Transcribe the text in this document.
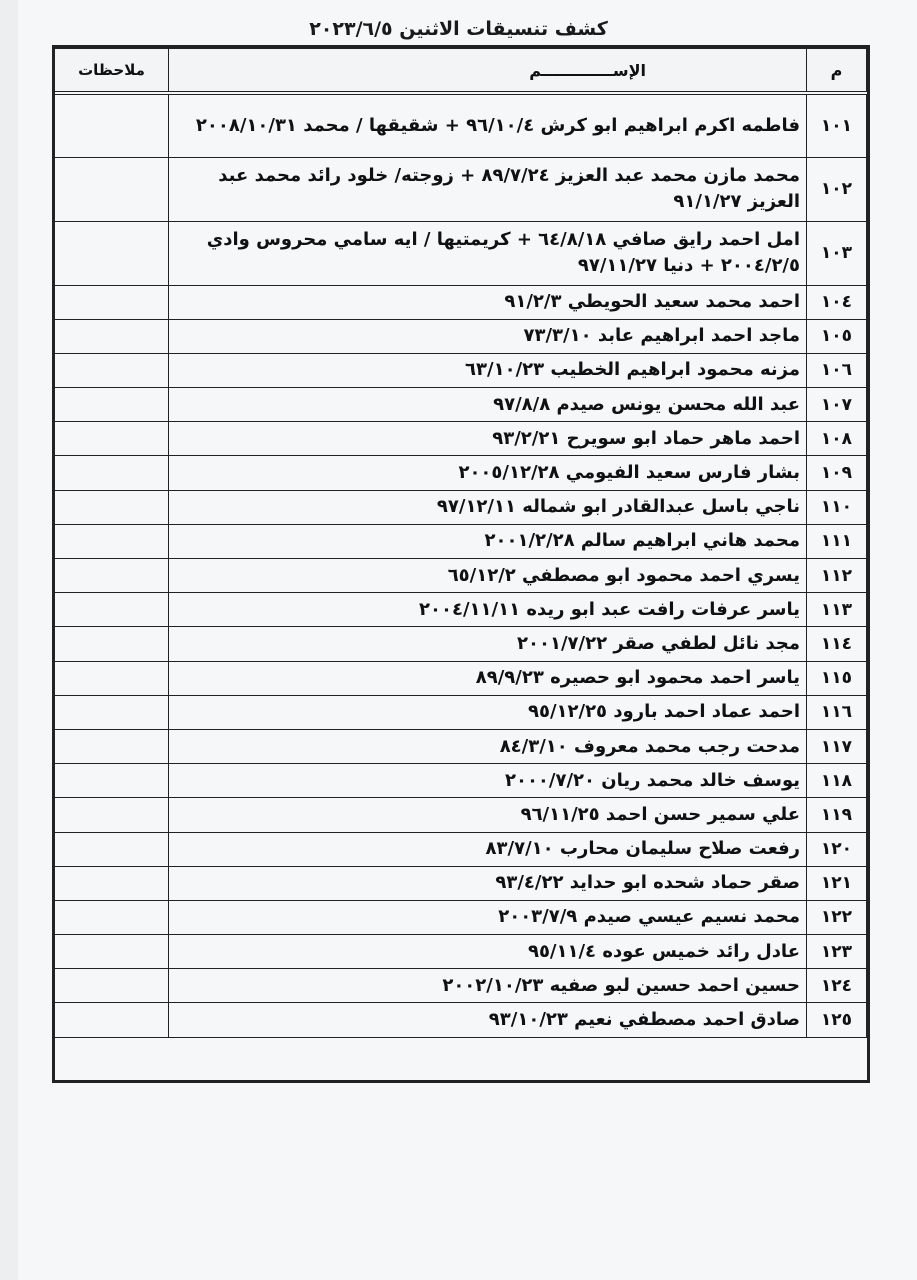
كشف تنسيقات الاثنين ٢٠٢٣/٦/٥
م	الإســـــــــــــم	ملاحظات
١٠١	فاطمه اكرم ابراهيم ابو كرش ٩٦/١٠/٤ + شقيقها / محمد ٢٠٠٨/١٠/٣١	
١٠٢	محمد مازن محمد عبد العزيز ٨٩/٧/٢٤ + زوجته/ خلود رائد محمد عبد العزيز ٩١/١/٢٧	
١٠٣	امل احمد رايق صافي ٦٤/٨/١٨ + كريمتيها / ايه سامي محروس وادي ٢٠٠٤/٢/٥ + دنيا ٩٧/١١/٢٧	
١٠٤	احمد محمد سعيد الحويطي ٩١/٢/٣	
١٠٥	ماجد احمد ابراهيم عابد ٧٣/٣/١٠	
١٠٦	مزنه محمود ابراهيم الخطيب ٦٣/١٠/٢٣	
١٠٧	عبد الله محسن يونس صيدم ٩٧/٨/٨	
١٠٨	احمد ماهر حماد ابو سويرح ٩٣/٢/٢١	
١٠٩	بشار فارس سعيد الفيومي ٢٠٠٥/١٢/٢٨	
١١٠	ناجي باسل عبدالقادر ابو شماله ٩٧/١٢/١١	
١١١	محمد هاني ابراهيم سالم ٢٠٠١/٢/٢٨	
١١٢	يسري احمد محمود ابو مصطفي ٦٥/١٢/٢	
١١٣	ياسر عرفات رافت عبد ابو ريده ٢٠٠٤/١١/١١	
١١٤	مجد نائل لطفي صقر ٢٠٠١/٧/٢٢	
١١٥	ياسر احمد محمود ابو حصيره ٨٩/٩/٢٣	
١١٦	احمد عماد احمد بارود ٩٥/١٢/٢٥	
١١٧	مدحت رجب محمد معروف ٨٤/٣/١٠	
١١٨	يوسف خالد محمد ريان ٢٠٠٠/٧/٢٠	
١١٩	علي سمير حسن احمد ٩٦/١١/٢٥	
١٢٠	رفعت صلاح سليمان محارب ٨٣/٧/١٠	
١٢١	صقر حماد شحده ابو حدايد ٩٣/٤/٢٢	
١٢٢	محمد نسيم عيسي صيدم ٢٠٠٣/٧/٩	
١٢٣	عادل رائد خميس عوده ٩٥/١١/٤	
١٢٤	حسين احمد حسين لبو صفيه ٢٠٠٢/١٠/٢٣	
١٢٥	صادق احمد مصطفي نعيم ٩٣/١٠/٢٣	
